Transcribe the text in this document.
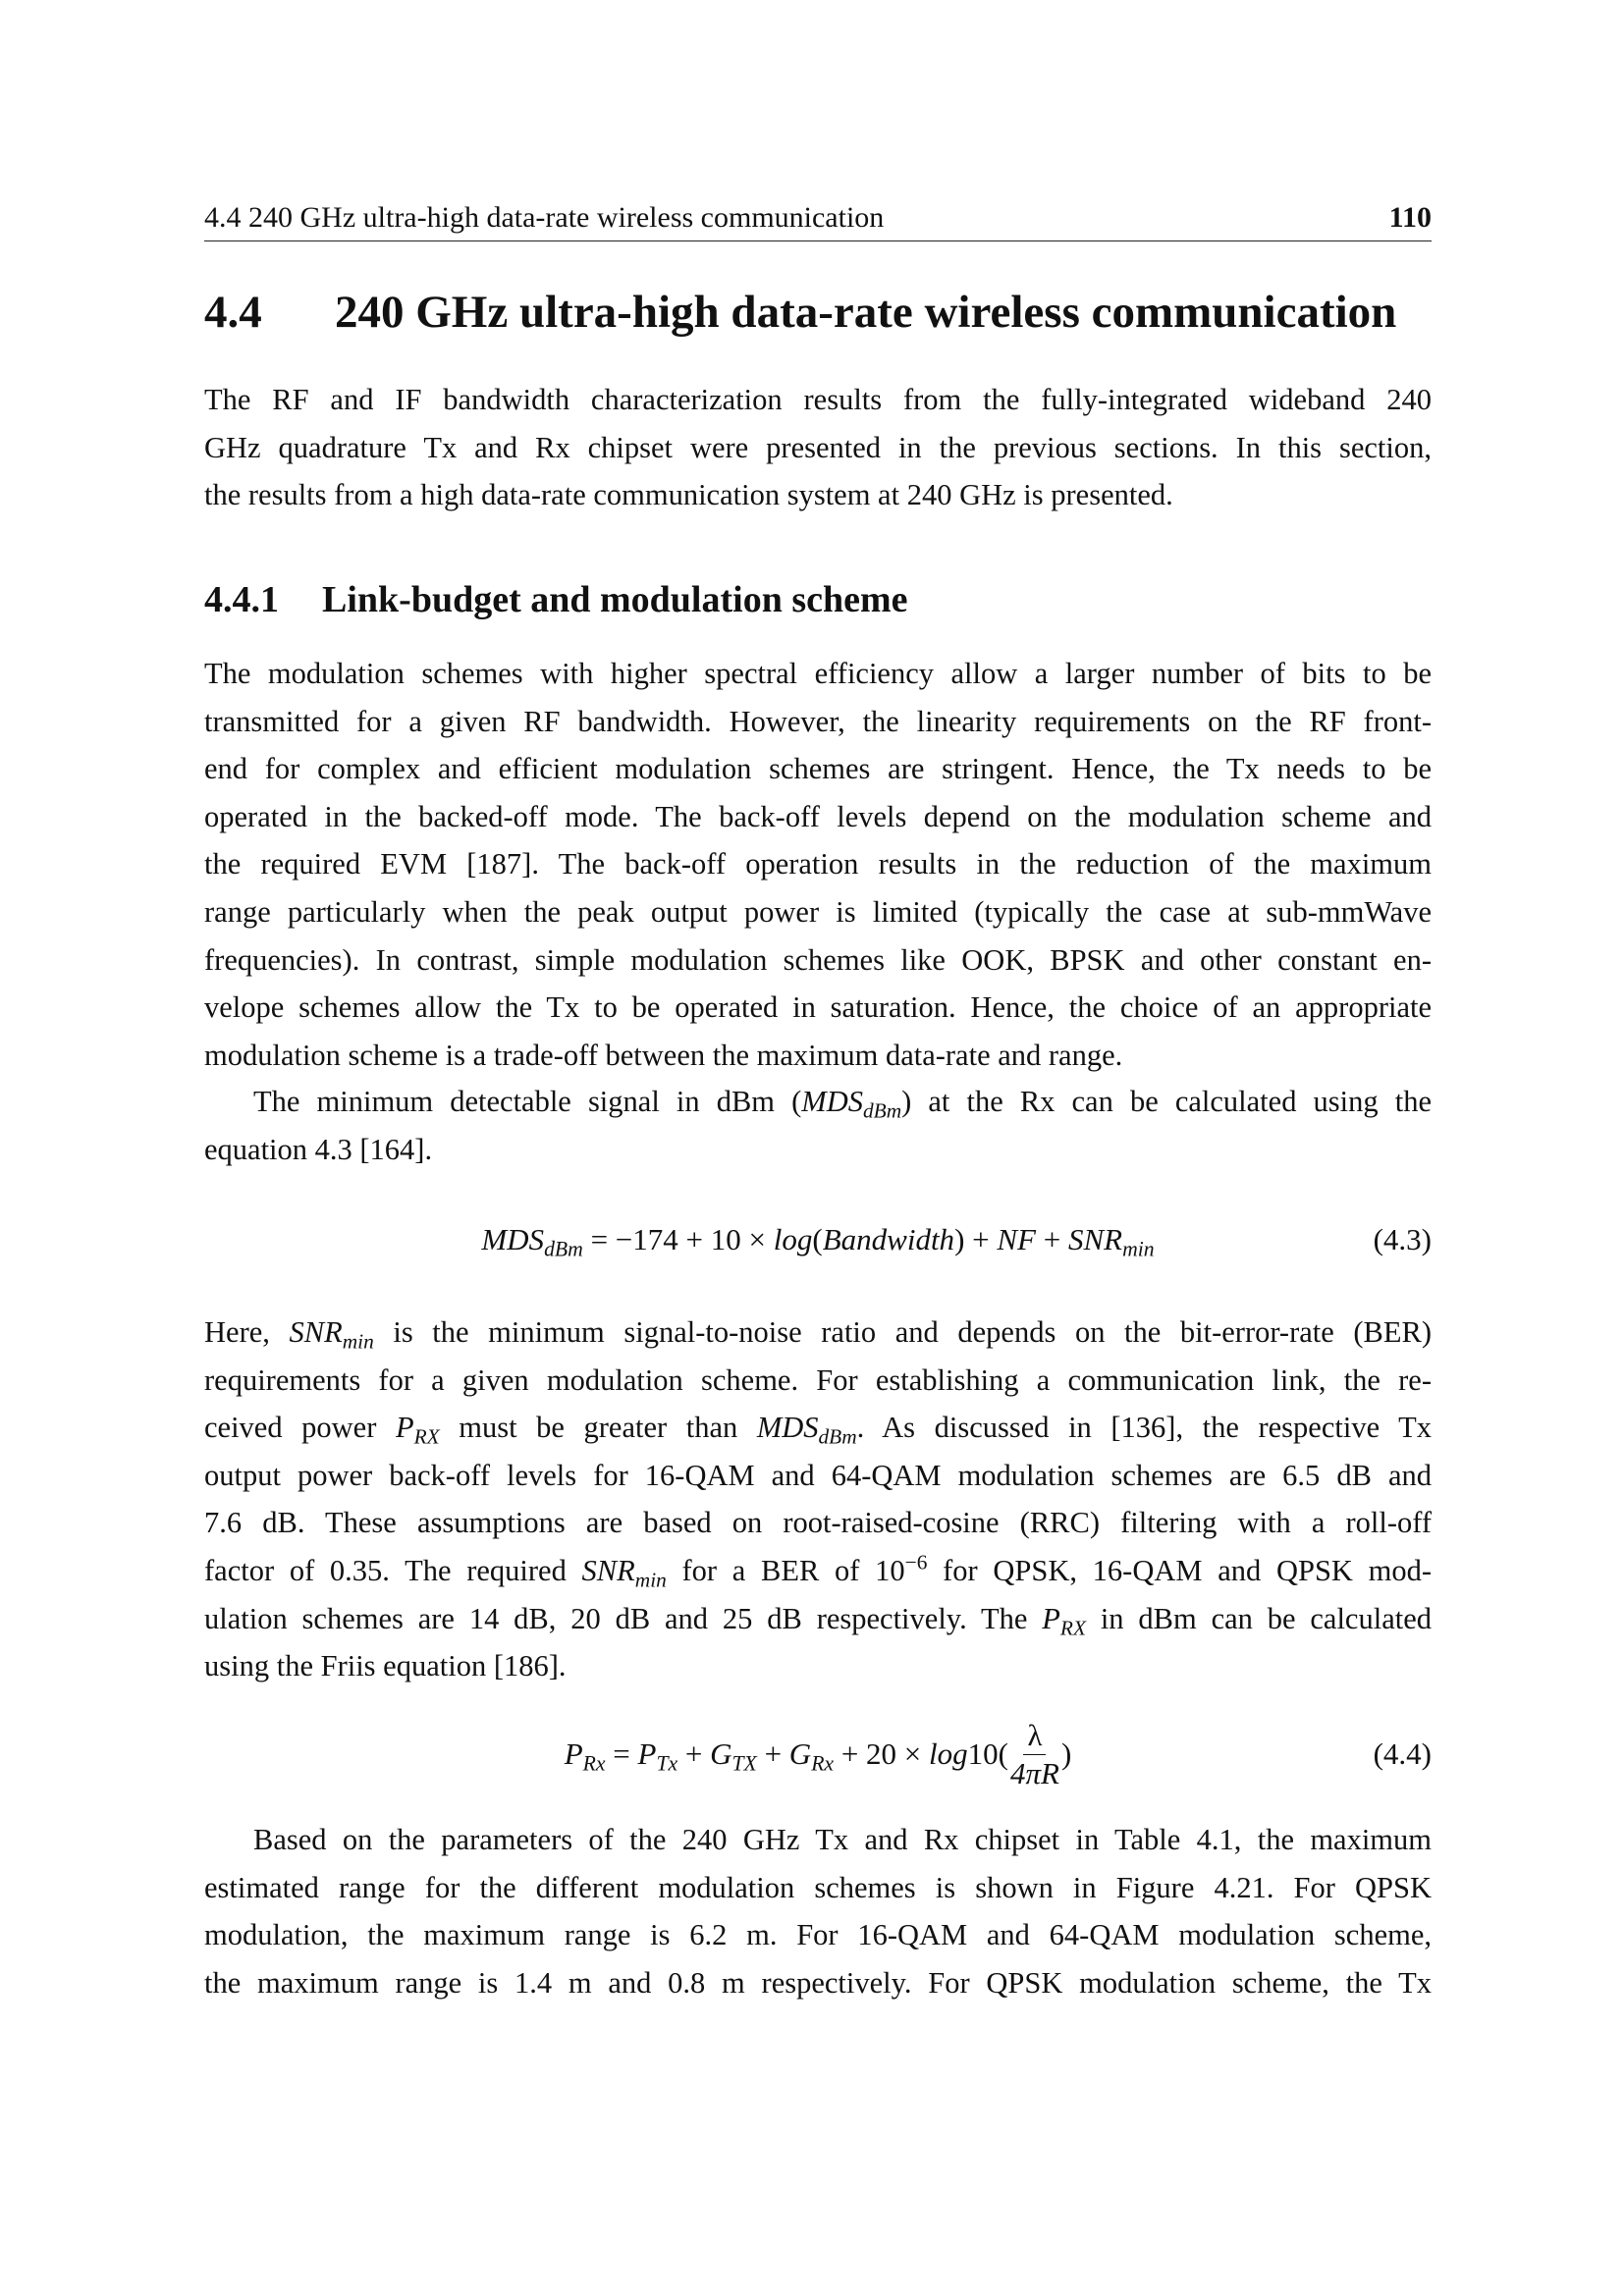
4.4 240 GHz ultra-high data-rate wireless communication	110
4.4 240 GHz ultra-high data-rate wireless communication
The RF and IF bandwidth characterization results from the fully-integrated wideband 240
GHz quadrature Tx and Rx chipset were presented in the previous sections. In this section,
the results from a high data-rate communication system at 240 GHz is presented.
4.4.1 Link-budget and modulation scheme
The modulation schemes with higher spectral efficiency allow a larger number of bits to be
transmitted for a given RF bandwidth. However, the linearity requirements on the RF front-
end for complex and efficient modulation schemes are stringent. Hence, the Tx needs to be
operated in the backed-off mode. The back-off levels depend on the modulation scheme and
the required EVM [187]. The back-off operation results in the reduction of the maximum
range particularly when the peak output power is limited (typically the case at sub-mmWave
frequencies). In contrast, simple modulation schemes like OOK, BPSK and other constant en-
velope schemes allow the Tx to be operated in saturation. Hence, the choice of an appropriate
modulation scheme is a trade-off between the maximum data-rate and range.
The minimum detectable signal in dBm $(MDS_{dBm})$ at the Rx can be calculated using the
equation 4.3 [164].
$MDS_{dBm} = -174 + 10 \times \log$ ( Bandwidth ) + NF + $SNR_{min}$	(4.3)
Here, $SNR_{min}$ is the minimum signal-to-noise ratio and depends on the bit-error-rate (BER)
requirements for a given modulation scheme. For establishing a communication link, the re-
ceived power $P_{RX}$ must be greater than $MDS_{dBm}$. As discussed in [136], the respective Tx
output power back-off levels for 16-QAM and 64-QAM modulation schemes are 6.5 dB and
7.6 dB. These assumptions are based on root-raised-cosine (RRC) filtering with a roll-off
factor of 0.35. The required $SNR_{min}$ for a BER of $10^{-6}$ for QPSK, 16-QAM and QPSK mod-
ulation schemes are 14 dB, 20 dB and 25 dB respectively. The $P_{RX}$ in dBm can be calculated
using the Friis equation [186].
$P_{Rx} = P_{Tx} + G_{TX} + G_{Rx} + 20 \times \log 10( \frac{\lambda}{4\pi R}$ )	(4.4)
Based on the parameters of the 240 GHz Tx and Rx chipset in Table 4.1, the maximum
estimated range for the different modulation schemes is shown in Figure 4.21. For QPSK
modulation, the maximum range is 6.2 m. For 16-QAM and 64-QAM modulation scheme,
the maximum range is 1.4 m and 0.8 m respectively. For QPSK modulation scheme, the Tx
